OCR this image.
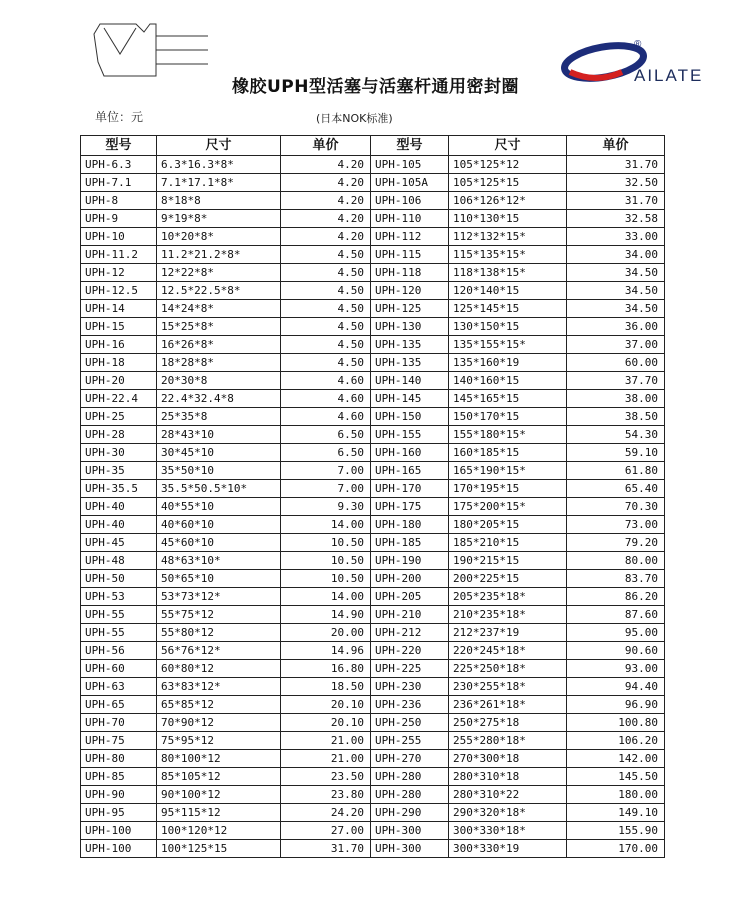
橡胶UPH型活塞与活塞杆通用密封圈
®
AILATE
单位：元	(日本NOK标准)
型号	尺寸	单价	型号	尺寸	单价
UPH-6.3	6.3*16.3*8*	4.20	UPH-105	105*125*12	31.70
UPH-7.1	7.1*17.1*8*	4.20	UPH-105A	105*125*15	32.50
UPH-8	8*18*8	4.20	UPH-106	106*126*12*	31.70
UPH-9	9*19*8*	4.20	UPH-110	110*130*15	32.58
UPH-10	10*20*8*	4.20	UPH-112	112*132*15*	33.00
UPH-11.2	11.2*21.2*8*	4.50	UPH-115	115*135*15*	34.00
UPH-12	12*22*8*	4.50	UPH-118	118*138*15*	34.50
UPH-12.5	12.5*22.5*8*	4.50	UPH-120	120*140*15	34.50
UPH-14	14*24*8*	4.50	UPH-125	125*145*15	34.50
UPH-15	15*25*8*	4.50	UPH-130	130*150*15	36.00
UPH-16	16*26*8*	4.50	UPH-135	135*155*15*	37.00
UPH-18	18*28*8*	4.50	UPH-135	135*160*19	60.00
UPH-20	20*30*8	4.60	UPH-140	140*160*15	37.70
UPH-22.4	22.4*32.4*8	4.60	UPH-145	145*165*15	38.00
UPH-25	25*35*8	4.60	UPH-150	150*170*15	38.50
UPH-28	28*43*10	6.50	UPH-155	155*180*15*	54.30
UPH-30	30*45*10	6.50	UPH-160	160*185*15	59.10
UPH-35	35*50*10	7.00	UPH-165	165*190*15*	61.80
UPH-35.5	35.5*50.5*10*	7.00	UPH-170	170*195*15	65.40
UPH-40	40*55*10	9.30	UPH-175	175*200*15*	70.30
UPH-40	40*60*10	14.00	UPH-180	180*205*15	73.00
UPH-45	45*60*10	10.50	UPH-185	185*210*15	79.20
UPH-48	48*63*10*	10.50	UPH-190	190*215*15	80.00
UPH-50	50*65*10	10.50	UPH-200	200*225*15	83.70
UPH-53	53*73*12*	14.00	UPH-205	205*235*18*	86.20
UPH-55	55*75*12	14.90	UPH-210	210*235*18*	87.60
UPH-55	55*80*12	20.00	UPH-212	212*237*19	95.00
UPH-56	56*76*12*	14.96	UPH-220	220*245*18*	90.60
UPH-60	60*80*12	16.80	UPH-225	225*250*18*	93.00
UPH-63	63*83*12*	18.50	UPH-230	230*255*18*	94.40
UPH-65	65*85*12	20.10	UPH-236	236*261*18*	96.90
UPH-70	70*90*12	20.10	UPH-250	250*275*18	100.80
UPH-75	75*95*12	21.00	UPH-255	255*280*18*	106.20
UPH-80	80*100*12	21.00	UPH-270	270*300*18	142.00
UPH-85	85*105*12	23.50	UPH-280	280*310*18	145.50
UPH-90	90*100*12	23.80	UPH-280	280*310*22	180.00
UPH-95	95*115*12	24.20	UPH-290	290*320*18*	149.10
UPH-100	100*120*12	27.00	UPH-300	300*330*18*	155.90
UPH-100	100*125*15	31.70	UPH-300	300*330*19	170.00
